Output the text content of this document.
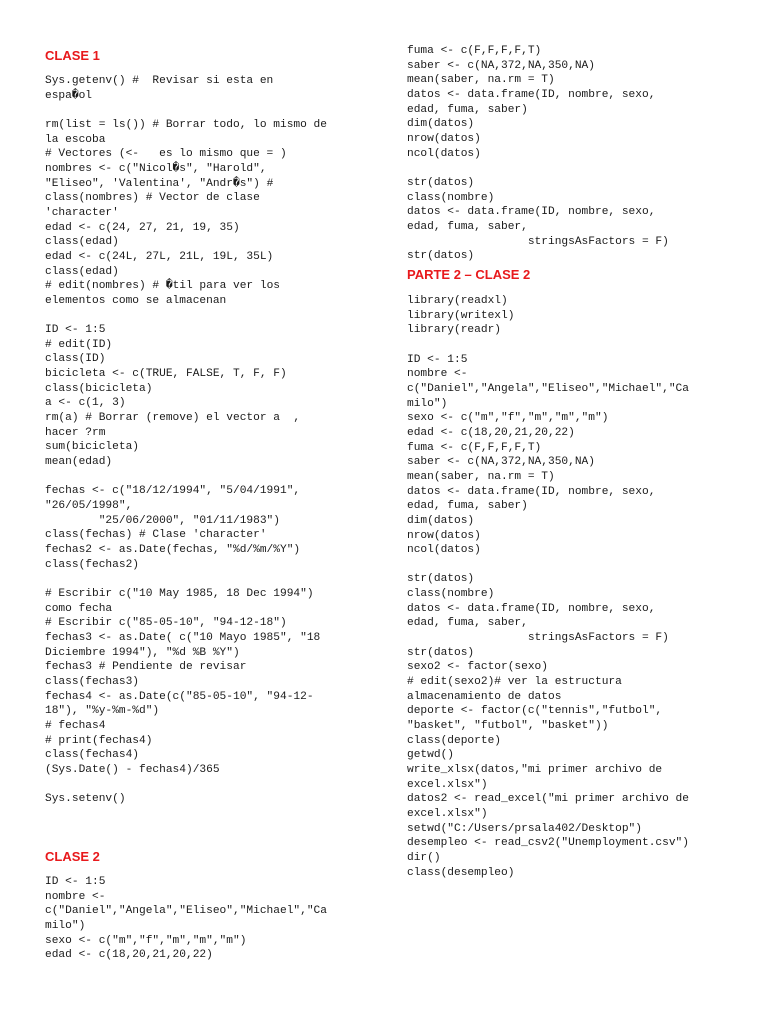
CLASE 1
Sys.getenv() #  Revisar si esta en
espa�ol

rm(list = ls()) # Borrar todo, lo mismo de
la escoba
# Vectores (<-   es lo mismo que = )
nombres <- c("Nicol�s", "Harold",
"Eliseo", 'Valentina', "Andr�s") #
class(nombres) # Vector de clase
'character'
edad <- c(24, 27, 21, 19, 35)
class(edad)
edad <- c(24L, 27L, 21L, 19L, 35L)
class(edad)
# edit(nombres) # �til para ver los
elementos como se almacenan

ID <- 1:5
# edit(ID)
class(ID)
bicicleta <- c(TRUE, FALSE, T, F, F)
class(bicicleta)
a <- c(1, 3)
rm(a) # Borrar (remove) el vector a  ,
hacer ?rm
sum(bicicleta)
mean(edad)

fechas <- c("18/12/1994", "5/04/1991",
"26/05/1998",
"25/06/2000", "01/11/1983")
class(fechas) # Clase 'character'
fechas2 <- as.Date(fechas, "%d/%m/%Y")
class(fechas2)

# Escribir c("10 May 1985, 18 Dec 1994")
como fecha
# Escribir c("85-05-10", "94-12-18")
fechas3 <- as.Date( c("10 Mayo 1985", "18
Diciembre 1994"), "%d %B %Y")
fechas3 # Pendiente de revisar
class(fechas3)
fechas4 <- as.Date(c("85-05-10", "94-12-
18"), "%y-%m-%d")
# fechas4
# print(fechas4)
class(fechas4)
(Sys.Date() - fechas4)/365

Sys.setenv()
CLASE 2
ID <- 1:5
nombre <-
c("Daniel","Angela","Eliseo","Michael","Ca
milo")
sexo <- c("m","f","m","m","m")
edad <- c(18,20,21,20,22)
fuma <- c(F,F,F,F,T)
saber <- c(NA,372,NA,350,NA)
mean(saber, na.rm = T)
datos <- data.frame(ID, nombre, sexo,
edad, fuma, saber)
dim(datos)
nrow(datos)
ncol(datos)

str(datos)
class(nombre)
datos <- data.frame(ID, nombre, sexo,
edad, fuma, saber,
stringsAsFactors = F)
str(datos)
PARTE 2 – CLASE 2
library(readxl)
library(writexl)
library(readr)

ID <- 1:5
nombre <-
c("Daniel","Angela","Eliseo","Michael","Ca
milo")
sexo <- c("m","f","m","m","m")
edad <- c(18,20,21,20,22)
fuma <- c(F,F,F,F,T)
saber <- c(NA,372,NA,350,NA)
mean(saber, na.rm = T)
datos <- data.frame(ID, nombre, sexo,
edad, fuma, saber)
dim(datos)
nrow(datos)
ncol(datos)

str(datos)
class(nombre)
datos <- data.frame(ID, nombre, sexo,
edad, fuma, saber,
stringsAsFactors = F)
str(datos)
sexo2 <- factor(sexo)
# edit(sexo2)# ver la estructura
almacenamiento de datos
deporte <- factor(c("tennis","futbol",
"basket", "futbol", "basket"))
class(deporte)
getwd()
write_xlsx(datos,"mi primer archivo de
excel.xlsx")
datos2 <- read_excel("mi primer archivo de
excel.xlsx")
setwd("C:/Users/prsala402/Desktop")
desempleo <- read_csv2("Unemployment.csv")
dir()
class(desempleo)
